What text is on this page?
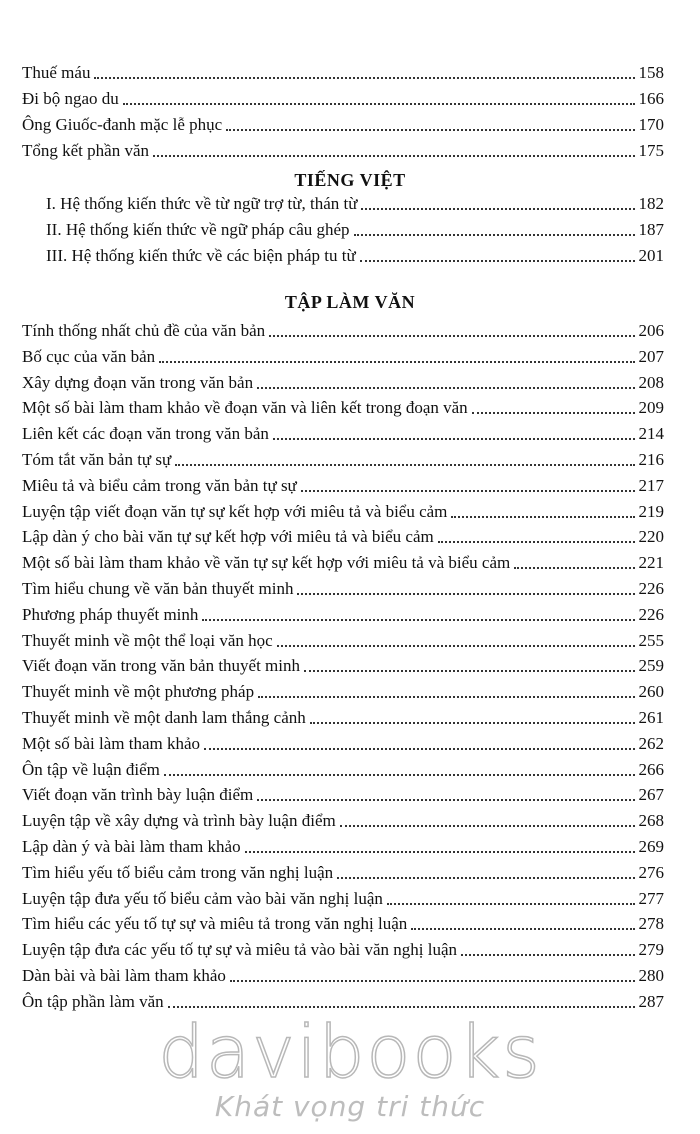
Thuế máu	158
Đi bộ ngao du	166
Ông Giuốc-đanh mặc lễ phục	170
Tổng kết phần văn	175
TIẾNG VIỆT
I. Hệ thống kiến thức về từ ngữ trợ từ, thán từ	182
II. Hệ thống kiến thức về ngữ pháp câu ghép	187
III. Hệ thống kiến thức về các biện pháp tu từ	201
TẬP LÀM VĂN
Tính thống nhất chủ đề của văn bản	206
Bố cục của văn bản	207
Xây dựng đoạn văn trong văn bản	208
Một số bài làm tham khảo về đoạn văn và liên kết trong đoạn văn	209
Liên kết các đoạn văn trong văn bản	214
Tóm tắt văn bản tự sự	216
Miêu tả và biểu cảm trong văn bản tự sự	217
Luyện tập viết đoạn văn tự sự kết hợp với miêu tả và biểu cảm	219
Lập dàn ý cho bài văn tự sự kết hợp với miêu tả và biểu cảm	220
Một số bài làm tham khảo về văn tự sự kết hợp với miêu tả và biểu cảm	221
Tìm hiểu chung về văn bản thuyết minh	226
Phương pháp thuyết minh	226
Thuyết minh về một thể loại văn học	255
Viết đoạn văn trong văn bản thuyết minh	259
Thuyết minh về một phương pháp	260
Thuyết minh về một danh lam thắng cảnh	261
Một số bài làm tham khảo	262
Ôn tập về luận điểm	266
Viết đoạn văn trình bày luận điểm	267
Luyện tập về xây dựng và trình bày luận điểm	268
Lập dàn ý và bài làm tham khảo	269
Tìm hiểu yếu tố biểu cảm trong văn nghị luận	276
Luyện tập đưa yếu tố biểu cảm vào bài văn nghị luận	277
Tìm hiểu các yếu tố tự sự và miêu tả trong văn nghị luận	278
Luyện tập đưa các yếu tố tự sự và miêu tả vào bài văn nghị luận	279
Dàn bài và bài làm tham khảo	280
Ôn tập phần làm văn	287
davibooks
Khát vọng tri thức
